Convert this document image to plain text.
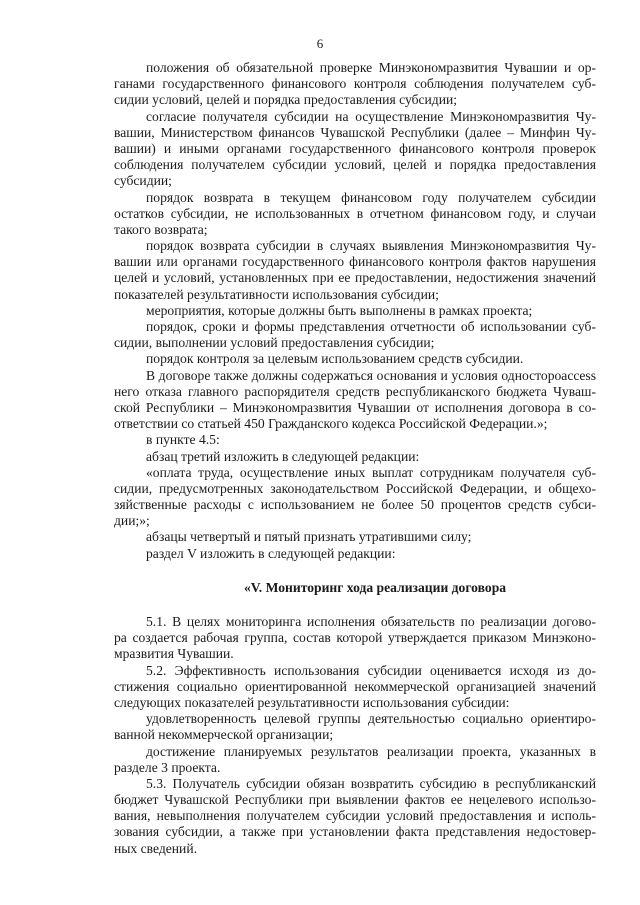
6
положения об обязательной проверке Минэкономразвития Чувашии и ор-
ганами государственного финансового контроля соблюдения получателем суб-
сидии условий, целей и порядка предоставления субсидии;
согласие получателя субсидии на осуществление Минэкономразвития Чу-
вашии, Министерством финансов Чувашской Республики (далее – Минфин Чу-
вашии) и иными органами государственного финансового контроля проверок
соблюдения получателем субсидии условий, целей и порядка предоставления
субсидии;
порядок возврата в текущем финансовом году получателем субсидии
остатков субсидии, не использованных в отчетном финансовом году, и случаи
такого возврата;
порядок возврата субсидии в случаях выявления Минэкономразвития Чу-
вашии или органами государственного финансового контроля фактов нарушения
целей и условий, установленных при ее предоставлении, недостижения значений
показателей результативности использования субсидии;
мероприятия, которые должны быть выполнены в рамках проекта;
порядок, сроки и формы представления отчетности об использовании суб-
сидии, выполнении условий предоставления субсидии;
порядок контроля за целевым использованием средств субсидии.
В договоре также должны содержаться основания и условия одностороaccess
него отказа главного распорядителя средств республиканского бюджета Чуваш-
ской Республики – Минэкономразвития Чувашии от исполнения договора в со-
ответствии со статьей 450 Гражданского кодекса Российской Федерации.»;
в пункте 4.5:
абзац третий изложить в следующей редакции:
«оплата труда, осуществление иных выплат сотрудникам получателя суб-
сидии, предусмотренных законодательством Российской Федерации, и общехо-
зяйственные расходы с использованием не более 50 процентов средств субси-
дии;»;
абзацы четвертый и пятый признать утратившими силу;
раздел V изложить в следующей редакции:
«V. Мониторинг хода реализации договора
5.1. В целях мониторинга исполнения обязательств по реализации догово-
ра создается рабочая группа, состав которой утверждается приказом Минэконо-
мразвития Чувашии.
5.2. Эффективность использования субсидии оценивается исходя из до-
стижения социально ориентированной некоммерческой организацией значений
следующих показателей результативности использования субсидии:
удовлетворенность целевой группы деятельностью социально ориентиро-
ванной некоммерческой организации;
достижение планируемых результатов реализации проекта, указанных в
разделе 3 проекта.
5.3. Получатель субсидии обязан возвратить субсидию в республиканский
бюджет Чувашской Республики при выявлении фактов ее нецелевого использо-
вания, невыполнения получателем субсидии условий предоставления и исполь-
зования субсидии, а также при установлении факта представления недостовер-
ных сведений.
